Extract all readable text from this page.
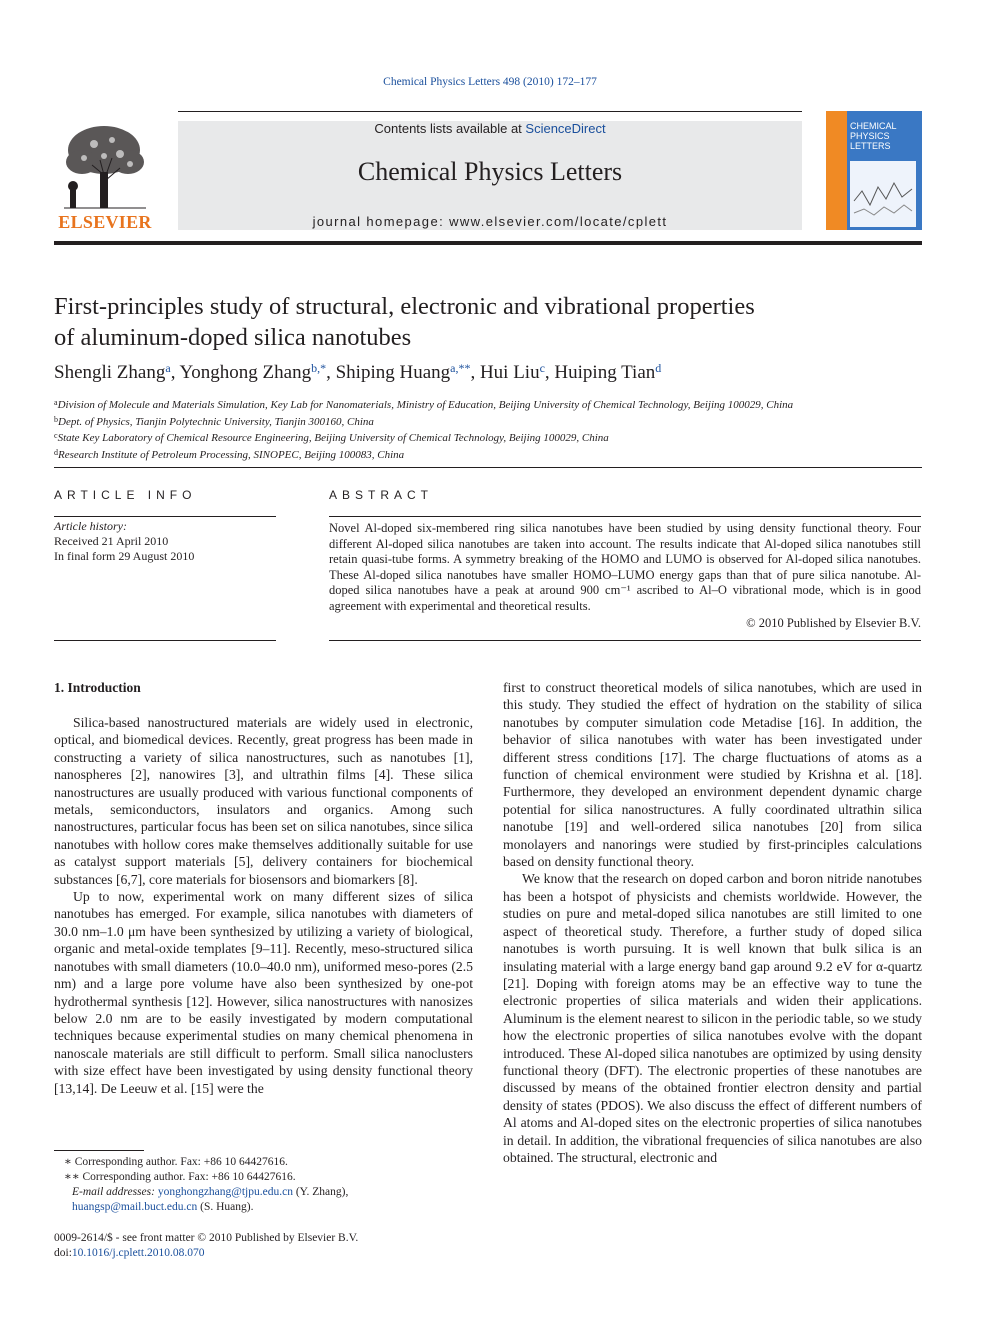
Chemical Physics Letters 498 (2010) 172–177
ELSEVIER
Contents lists available at ScienceDirect
Chemical Physics Letters
journal homepage: www.elsevier.com/locate/cplett
CHEMICAL
PHYSICS
LETTERS
First-principles study of structural, electronic and vibrational properties
of aluminum-doped silica nanotubes
Shengli Zhang$^a$, Yonghong Zhang$^{b,*}$, Shiping Huang$^{a,**}$, Hui Liu$^c$, Huiping Tian$^d$
$^a$Division of Molecule and Materials Simulation, Key Lab for Nanomaterials, Ministry of Education, Beijing University of Chemical Technology, Beijing 100029, China
$^b$Dept. of Physics, Tianjin Polytechnic University, Tianjin 300160, China
$^c$State Key Laboratory of Chemical Resource Engineering, Beijing University of Chemical Technology, Beijing 100029, China
$^d$Research Institute of Petroleum Processing, SINOPEC, Beijing 100083, China
ARTICLE INFO
Article history:
Received 21 April 2010
In final form 29 August 2010
ABSTRACT
Novel Al-doped six-membered ring silica nanotubes have been studied by using density functional theory. Four different Al-doped silica nanotubes are taken into account. The results indicate that Al-doped silica nanotubes still retain quasi-tube forms. A symmetry breaking of the HOMO and LUMO is observed for Al-doped silica nanotubes. These Al-doped silica nanotubes have smaller HOMO–LUMO energy gaps than that of pure silica nanotube. Al-doped silica nanotubes have a peak at around 900 cm⁻¹ ascribed to Al–O vibrational mode, which is in good agreement with experimental and theoretical results.
© 2010 Published by Elsevier B.V.
1. Introduction

Silica-based nanostructured materials are widely used in electronic, optical, and biomedical devices. Recently, great progress has been made in constructing a variety of silica nanostructures, such as nanotubes [1], nanospheres [2], nanowires [3], and ultrathin films [4]. These silica nanostructures are usually produced with various functional components of metals, semiconductors, insulators and organics. Among such nanostructures, particular focus has been set on silica nanotubes, since silica nanotubes with hollow cores make themselves additionally suitable for use as catalyst support materials [5], delivery containers for biochemical substances [6,7], core materials for biosensors and biomarkers [8].

Up to now, experimental work on many different sizes of silica nanotubes has emerged. For example, silica nanotubes with diameters of 30.0 nm–1.0 μm have been synthesized by utilizing a variety of biological, organic and metal-oxide templates [9–11]. Recently, meso-structured silica nanotubes with small diameters (10.0–40.0 nm), uniformed meso-pores (2.5 nm) and a large pore volume have also been synthesized by one-pot hydrothermal synthesis [12]. However, silica nanostructures with nanosizes below 2.0 nm are to be easily investigated by modern computational techniques because experimental studies on many chemical phenomena in nanoscale materials are still difficult to perform. Small silica nanoclusters with size effect have been investigated by using density functional theory [13,14]. De Leeuw et al. [15] were the

first to construct theoretical models of silica nanotubes, which are used in this study. They studied the effect of hydration on the stability of silica nanotubes by computer simulation code Metadise [16]. In addition, the behavior of silica nanotubes with water has been investigated under different stress conditions [17]. The charge fluctuations of atoms as a function of chemical environment were studied by Krishna et al. [18]. Furthermore, they developed an environment dependent dynamic charge potential for silica nanostructures. A fully coordinated ultrathin silica nanotube [19] and well-ordered silica nanotubes [20] from silica monolayers and nanorings were studied by first-principles calculations based on density functional theory.

We know that the research on doped carbon and boron nitride nanotubes has been a hotspot of physicists and chemists worldwide. However, the studies on pure and metal-doped silica nanotubes are still limited to one aspect of theoretical study. Therefore, a further study of doped silica nanotubes is worth pursuing. It is well known that bulk silica is an insulating material with a large energy band gap around 9.2 eV for α-quartz [21]. Doping with foreign atoms may be an effective way to tune the electronic properties of silica materials and widen their applications. Aluminum is the element nearest to silicon in the periodic table, so we study how the electronic properties of silica nanotubes evolve with the dopant introduced. These Al-doped silica nanotubes are optimized by using density functional theory (DFT). The electronic properties of these nanotubes are discussed by means of the obtained frontier electron density and partial density of states (PDOS). We also discuss the effect of different numbers of Al atoms and Al-doped sites on the electronic properties of silica nanotubes in detail. In addition, the vibrational frequencies of silica nanotubes are also obtained. The structural, electronic and

∗ Corresponding author. Fax: +86 10 64427616.
∗∗ Corresponding author. Fax: +86 10 64427616.
E-mail addresses: yonghongzhang@tjpu.edu.cn (Y. Zhang), huangsp@mail.buct.edu.cn (S. Huang).
0009-2614/$ - see front matter © 2010 Published by Elsevier B.V.
doi:10.1016/j.cplett.2010.08.070
